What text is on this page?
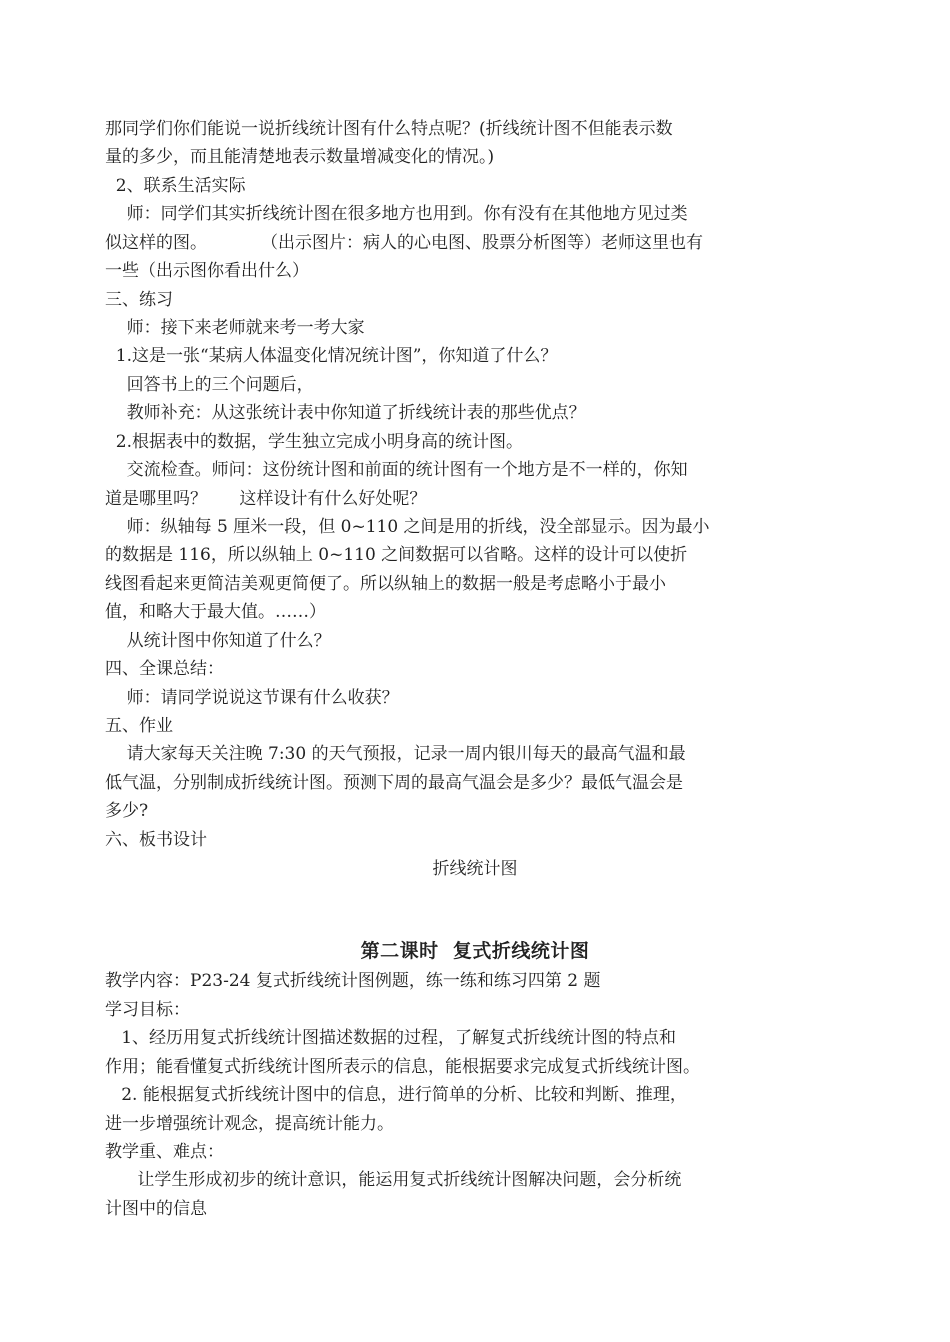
那同学们你们能说一说折线统计图有什么特点呢？(折线统计图不但能表示数
量的多少，而且能清楚地表示数量增减变化的情况。)
2、联系生活实际
师：同学们其实折线统计图在很多地方也用到。你有没有在其他地方见过类
似这样的图。          （出示图片：病人的心电图、股票分析图等）老师这里也有
一些（出示图你看出什么）
三、练习
师：接下来老师就来考一考大家
1.这是一张“某病人体温变化情况统计图”，你知道了什么？
回答书上的三个问题后，
教师补充：从这张统计表中你知道了折线统计表的那些优点？
2.根据表中的数据，学生独立完成小明身高的统计图。
交流检查。师问：这份统计图和前面的统计图有一个地方是不一样的，你知
道是哪里吗？      这样设计有什么好处呢？
师：纵轴每 5 厘米一段，但 0~110 之间是用的折线，没全部显示。因为最小
的数据是 116，所以纵轴上 0~110 之间数据可以省略。这样的设计可以使折
线图看起来更简洁美观更简便了。所以纵轴上的数据一般是考虑略小于最小
值，和略大于最大值。……）
从统计图中你知道了什么？
四、全课总结：
师：请同学说说这节课有什么收获？
五、作业
请大家每天关注晚 7:30 的天气预报，记录一周内银川每天的最高气温和最
低气温，分别制成折线统计图。预测下周的最高气温会是多少？最低气温会是
多少?
六、板书设计
折线统计图
第二课时  复式折线统计图
教学内容：P23-24 复式折线统计图例题，练一练和练习四第 2 题
学习目标：
1、经历用复式折线统计图描述数据的过程，了解复式折线统计图的特点和
作用；能看懂复式折线统计图所表示的信息，能根据要求完成复式折线统计图。
2. 能根据复式折线统计图中的信息，进行简单的分析、比较和判断、推理，
进一步增强统计观念，提高统计能力。
教学重、难点：
让学生形成初步的统计意识，能运用复式折线统计图解决问题，会分析统
计图中的信息
